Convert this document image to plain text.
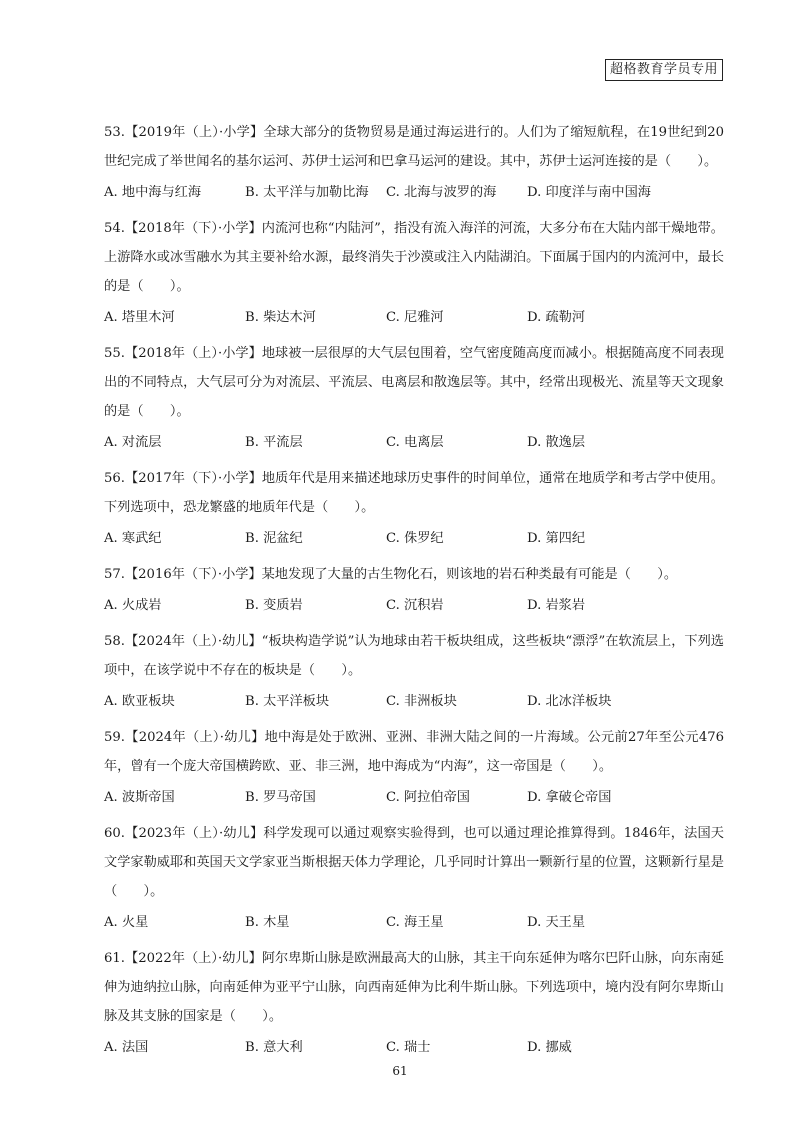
超格教育学员专用

53.【2019年（上）·小学】全球大部分的货物贸易是通过海运进行的。人们为了缩短航程，在19世纪到20世纪完成了举世闻名的基尔运河、苏伊士运河和巴拿马运河的建设。其中，苏伊士运河连接的是（　　）。

A. 地中海与红海	B. 太平洋与加勒比海	C. 北海与波罗的海	D. 印度洋与南中国海

54.【2018年（下）·小学】内流河也称“内陆河”，指没有流入海洋的河流，大多分布在大陆内部干燥地带。上游降水或冰雪融水为其主要补给水源，最终消失于沙漠或注入内陆湖泊。下面属于国内的内流河中，最长的是（　　）。

A. 塔里木河	B. 柴达木河	C. 尼雅河	D. 疏勒河

55.【2018年（上）·小学】地球被一层很厚的大气层包围着，空气密度随高度而减小。根据随高度不同表现出的不同特点，大气层可分为对流层、平流层、电离层和散逸层等。其中，经常出现极光、流星等天文现象的是（　　）。

A. 对流层	B. 平流层	C. 电离层	D. 散逸层

56.【2017年（下）·小学】地质年代是用来描述地球历史事件的时间单位，通常在地质学和考古学中使用。下列选项中，恐龙繁盛的地质年代是（　　）。

A. 寒武纪	B. 泥盆纪	C. 侏罗纪	D. 第四纪

57.【2016年（下）·小学】某地发现了大量的古生物化石，则该地的岩石种类最有可能是（　　）。

A. 火成岩	B. 变质岩	C. 沉积岩	D. 岩浆岩

58.【2024年（上）·幼儿】“板块构造学说”认为地球由若干板块组成，这些板块“漂浮”在软流层上，下列选项中，在该学说中不存在的板块是（　　）。

A. 欧亚板块	B. 太平洋板块	C. 非洲板块	D. 北冰洋板块

59.【2024年（上）·幼儿】地中海是处于欧洲、亚洲、非洲大陆之间的一片海域。公元前27年至公元476年，曾有一个庞大帝国横跨欧、亚、非三洲，地中海成为“内海”，这一帝国是（　　）。

A. 波斯帝国	B. 罗马帝国	C. 阿拉伯帝国	D. 拿破仑帝国

60.【2023年（上）·幼儿】科学发现可以通过观察实验得到，也可以通过理论推算得到。1846年，法国天文学家勒威耶和英国天文学家亚当斯根据天体力学理论，几乎同时计算出一颗新行星的位置，这颗新行星是（　　）。

A. 火星	B. 木星	C. 海王星	D. 天王星

61.【2022年（上）·幼儿】阿尔卑斯山脉是欧洲最高大的山脉，其主干向东延伸为喀尔巴阡山脉，向东南延伸为迪纳拉山脉，向南延伸为亚平宁山脉，向西南延伸为比利牛斯山脉。下列选项中，境内没有阿尔卑斯山脉及其支脉的国家是（　　）。

A. 法国	B. 意大利	C. 瑞士	D. 挪威
61
